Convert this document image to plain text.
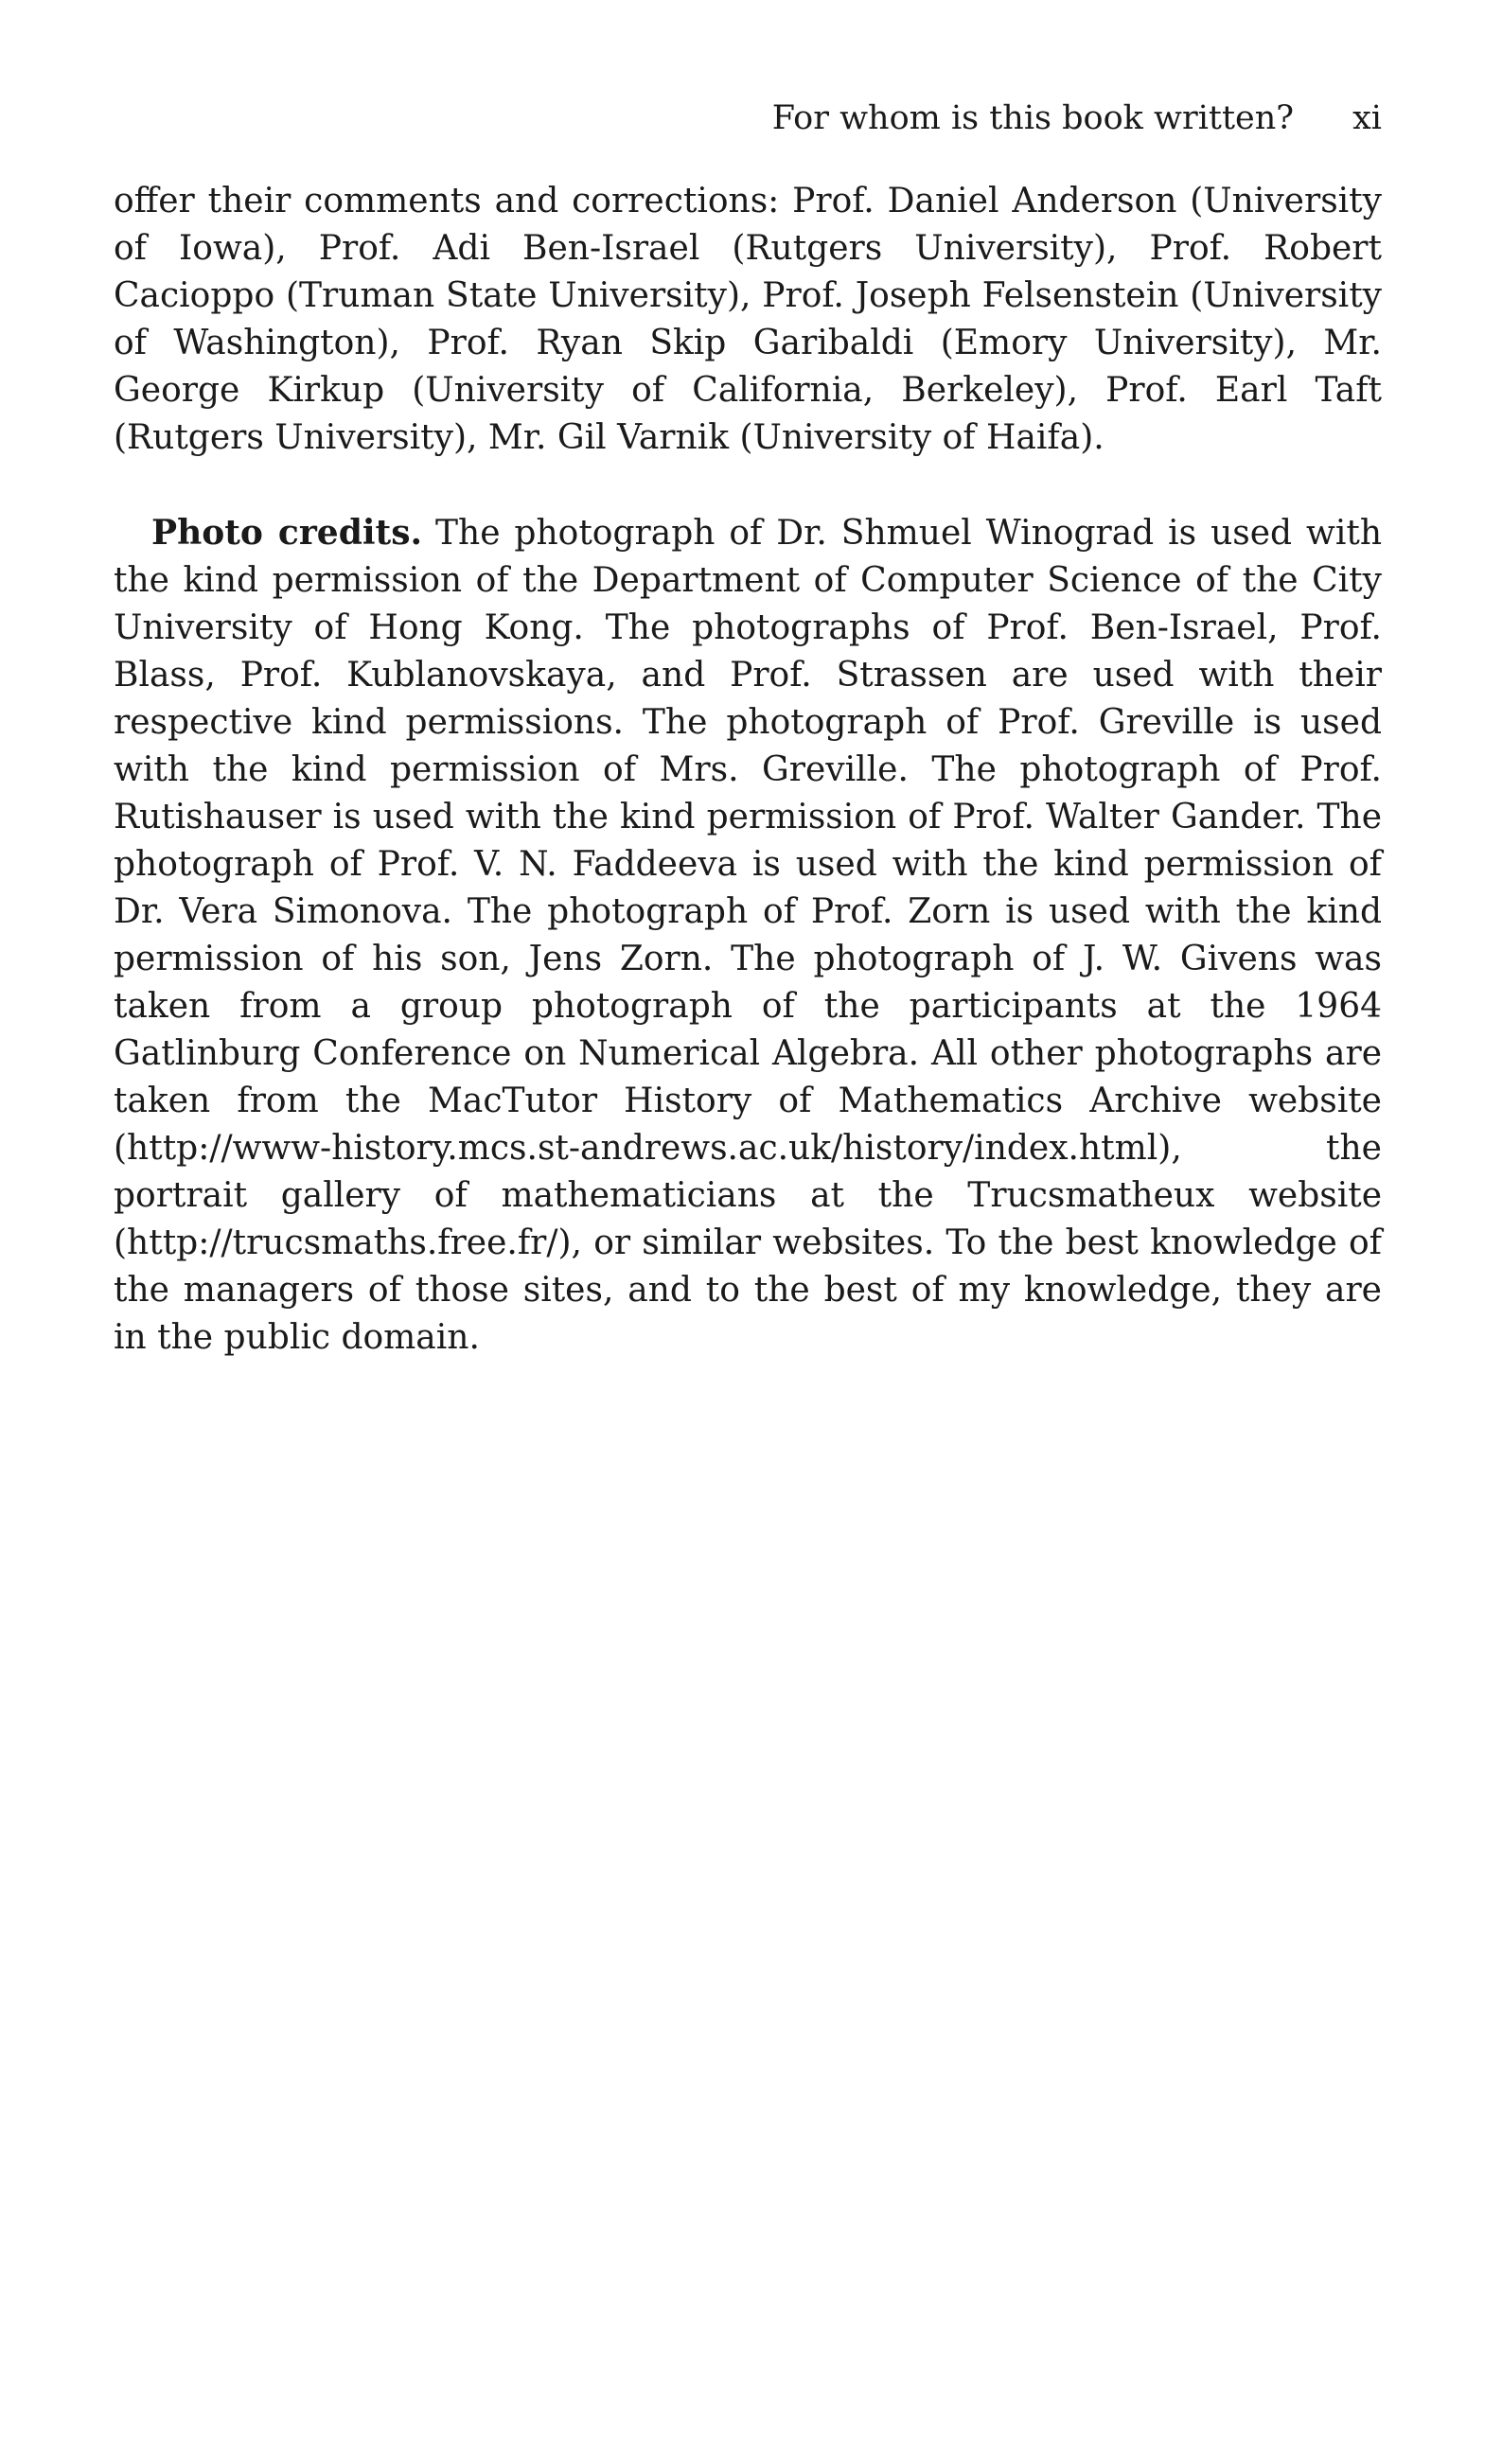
For whom is this book written? xi

offer their comments and corrections: Prof. Daniel Anderson (University of Iowa), Prof. Adi Ben-Israel (Rutgers University), Prof. Robert Cacioppo (Truman State University), Prof. Joseph Felsenstein (University of Washington), Prof. Ryan Skip Garibaldi (Emory University), Mr. George Kirkup (University of California, Berkeley), Prof. Earl Taft (Rutgers University), Mr. Gil Varnik (University of Haifa).

Photo credits. The photograph of Dr. Shmuel Winograd is used with the kind permission of the Department of Computer Science of the City University of Hong Kong. The photographs of Prof. Ben-Israel, Prof. Blass, Prof. Kublanovskaya, and Prof. Strassen are used with their respective kind permissions. The photograph of Prof. Greville is used with the kind permission of Mrs. Greville. The photograph of Prof. Rutishauser is used with the kind permission of Prof. Walter Gander. The photograph of Prof. V. N. Faddeeva is used with the kind permission of Dr. Vera Simonova. The photograph of Prof. Zorn is used with the kind permission of his son, Jens Zorn. The photograph of J. W. Givens was taken from a group photograph of the participants at the 1964 Gatlinburg Conference on Numerical Algebra. All other photographs are taken from the MacTutor History of Mathematics Archive website (http://www-history.mcs.st-andrews.ac.uk/history/index.html), the portrait gallery of mathematicians at the Trucsmatheux website (http://trucsmaths.free.fr/), or similar websites. To the best knowledge of the managers of those sites, and to the best of my knowledge, they are in the public domain.
